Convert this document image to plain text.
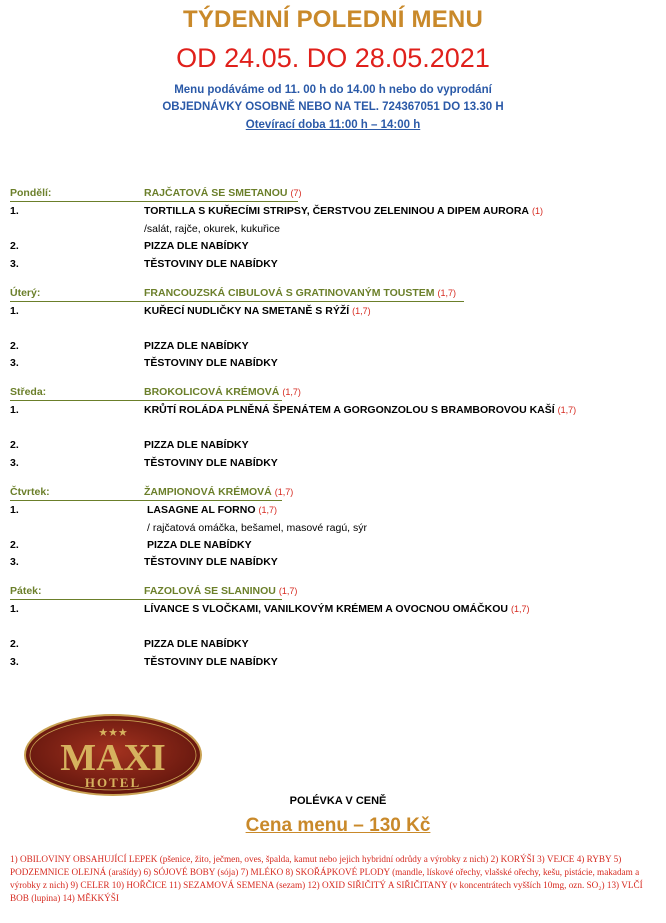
TÝDENNÍ POLEDNÍ MENU
OD 24.05. DO 28.05.2021
Menu podáváme od 11. 00 h do 14.00 h nebo do vyprodání
OBJEDNÁVKY OSOBNĚ NEBO NA TEL. 724367051 DO 13.30 H
Otevírací doba 11:00 h – 14:00 h
Pondělí:	RAJČATOVÁ SE SMETANOU (7)
1.	TORTILLA S KUŘECÍMI STRIPSY, ČERSTVOU ZELENINOU A DIPEM AURORA (1)
/salát, rajče, okurek, kukuřice
2.	PIZZA DLE NABÍDKY
3.	TĚSTOVINY DLE NABÍDKY
Úterý:	FRANCOUZSKÁ CIBULOVÁ S GRATINOVANÝM TOUSTEM (1,7)
1.	KUŘECÍ NUDLIČKY NA SMETANĚ S RÝŽÍ (1,7)
2.	PIZZA DLE NABÍDKY
3.	TĚSTOVINY DLE NABÍDKY
Středa:	BROKOLICOVÁ KRÉMOVÁ (1,7)
1.	KRŮTÍ ROLÁDA PLNĚNÁ ŠPENÁTEM A GORGONZOLOU S BRAMBOROVOU KAŠÍ (1,7)
2.	PIZZA DLE NABÍDKY
3.	TĚSTOVINY DLE NABÍDKY
Čtvrtek:	ŽAMPIONOVÁ KRÉMOVÁ (1,7)
1.	LASAGNE AL FORNO (1,7)
/ rajčatová omáčka, bešamel, masové ragú, sýr
2.	PIZZA DLE NABÍDKY
3.	TĚSTOVINY DLE NABÍDKY
Pátek:	FAZOLOVÁ SE SLANINOU (1,7)
1.	LÍVANCE S VLOČKAMI, VANILKOVÝM KRÉMEM A OVOCNOU OMÁČKOU (1,7)
2.	PIZZA DLE NABÍDKY
3.	TĚSTOVINY DLE NABÍDKY
★★★
MAXI
HOTEL
POLÉVKA V CENĚ
Cena menu – 130 Kč
1) OBILOVINY OBSAHUJÍCÍ LEPEK (pšenice, žito, ječmen, oves, špalda, kamut nebo jejich hybridní odrůdy a výrobky z nich) 2) KORÝŠI 3) VEJCE 4) RYBY 5) PODZEMNICE OLEJNÁ (arašídy) 6) SÓJOVÉ BOBY (sója) 7) MLÉKO 8) SKOŘÁPKOVÉ PLODY (mandle, lískové ořechy, vlašské ořechy, kešu, pistácie, makadam a výrobky z nich) 9) CELER 10) HOŘČICE 11) SEZAMOVÁ SEMENA (sezam) 12) OXID SIŘIČITÝ A SIŘIČITANY (v koncentrátech vyšších 10mg, ozn. SO₂) 13) VLČÍ BOB (lupina) 14) MĚKKÝŠI
